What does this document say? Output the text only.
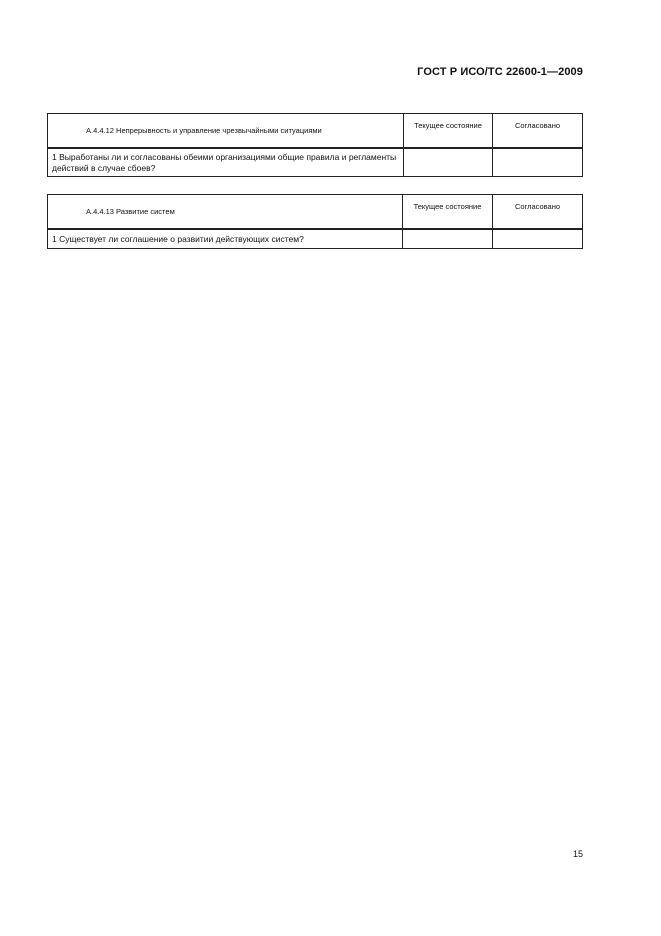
ГОСТ Р ИСО/ТС 22600-1—2009
А.4.4.12 Непрерывность и управление чрезвычайными ситуациями	Текущее состояние	Согласовано
1 Выработаны ли и согласованы обеими организациями общие правила и регламенты действий в случае сбоев?		
А.4.4.13 Развитие систем	Текущее состояние	Согласовано
1 Существует ли соглашение о развитии действующих систем?		
15
